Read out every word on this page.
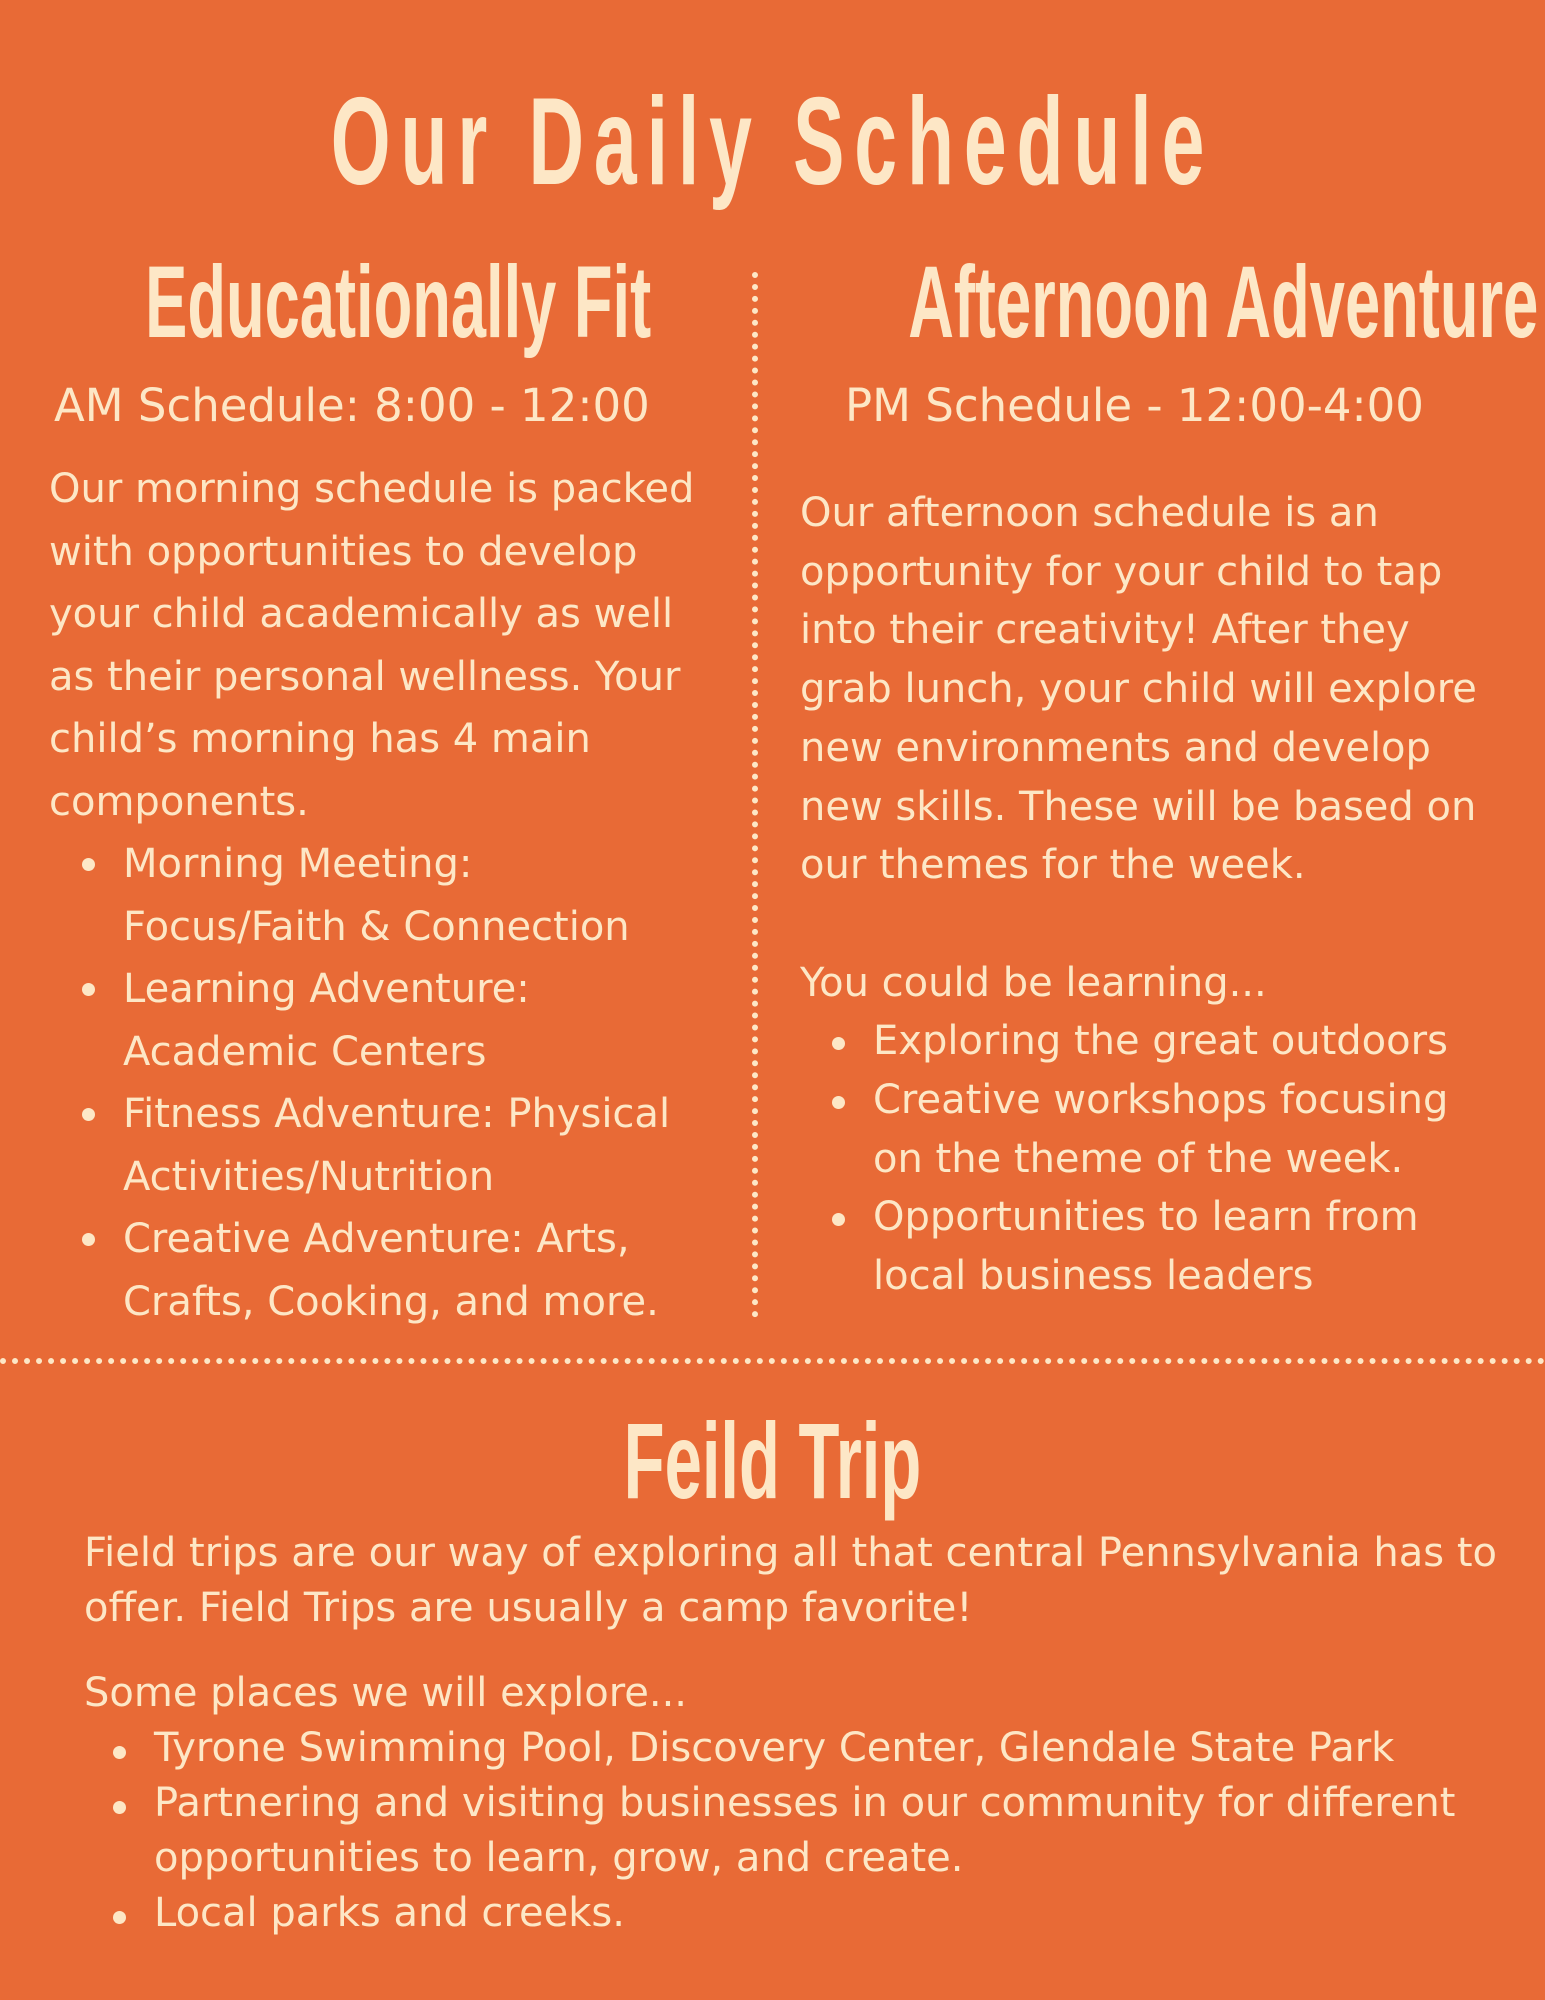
Our Daily Schedule
Educationally Fit	Afternoon Adventure
AM Schedule: 8:00 - 12:00	PM Schedule - 12:00-4:00
Our morning schedule is packed
with opportunities to develop
your child academically as well
as their personal wellness. Your
child’s morning has 4 main
components.
Morning Meeting:
Focus/Faith & Connection
Learning Adventure:
Academic Centers
Fitness Adventure: Physical
Activities/Nutrition
Creative Adventure: Arts,
Crafts, Cooking, and more.
Our afternoon schedule is an
opportunity for your child to tap
into their creativity! After they
grab lunch, your child will explore
new environments and develop
new skills. These will be based on
our themes for the week.
You could be learning...
Exploring the great outdoors
Creative workshops focusing
on the theme of the week.
Opportunities to learn from
local business leaders
Feild Trip
Field trips are our way of exploring all that central Pennsylvania has to
offer. Field Trips are usually a camp favorite!
Some places we will explore...
Tyrone Swimming Pool, Discovery Center, Glendale State Park
Partnering and visiting businesses in our community for different
opportunities to learn, grow, and create.
Local parks and creeks.
